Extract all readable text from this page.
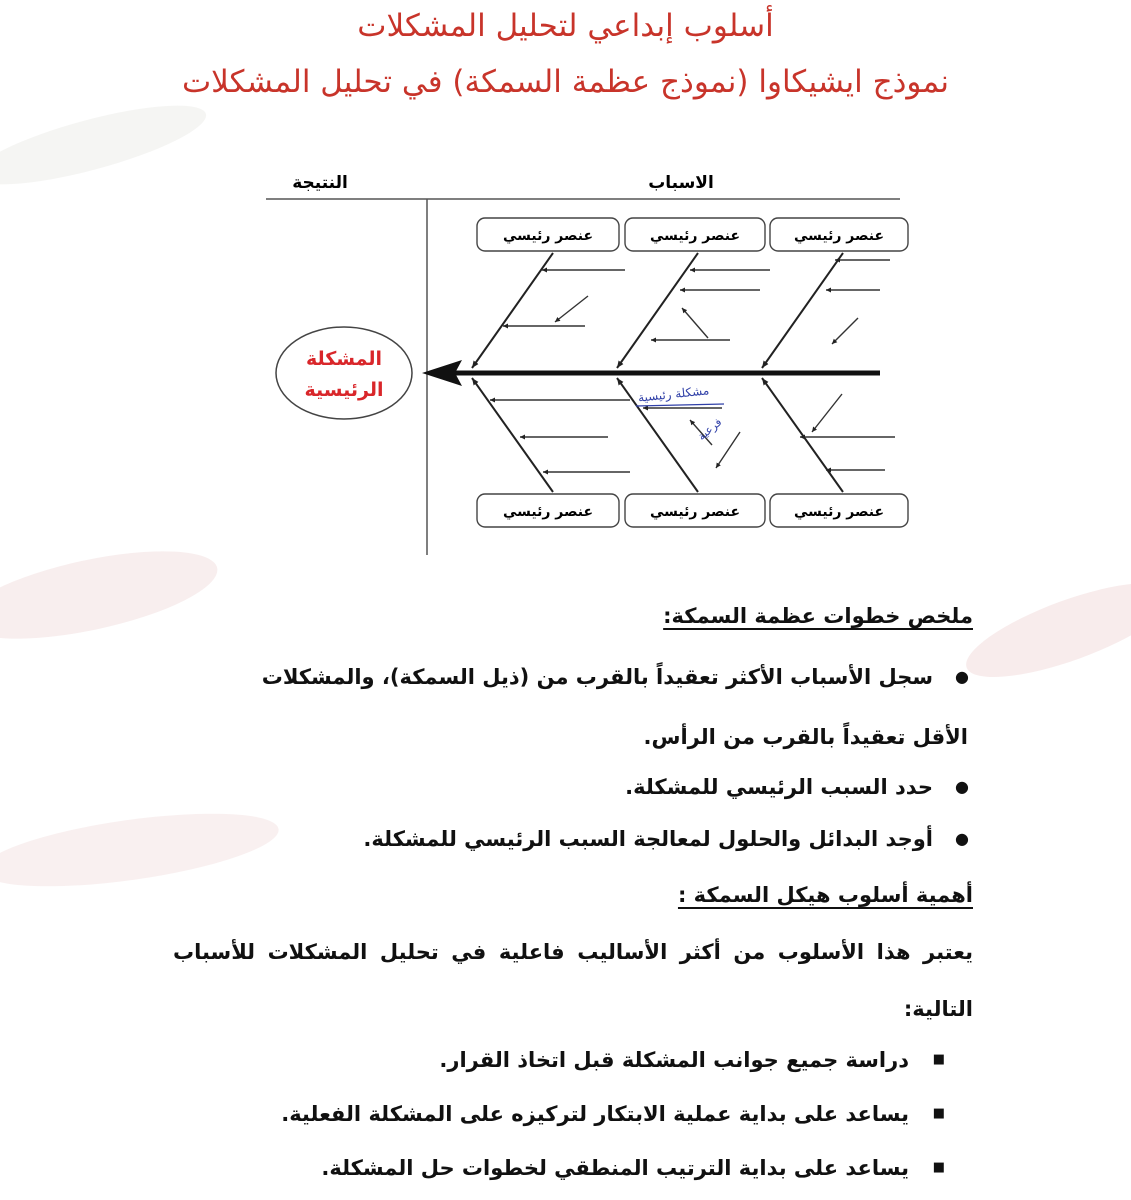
أسلوب إبداعي لتحليل المشكلات
نموذج ايشيكاوا (نموذج عظمة السمكة) في تحليل المشكلات
النتيجة	الاسباب
المشكلة
الرئيسية
عنصر رئيسي	عنصر رئيسي	عنصر رئيسي
عنصر رئيسي	عنصر رئيسي	عنصر رئيسي
مشكلة رئيسية
فرعية
ملخص خطوات عظمة السمكة:
●
سجل الأسباب الأكثر تعقيداً بالقرب من (ذيل السمكة)، والمشكلات
الأقل تعقيداً بالقرب من الرأس.
●
حدد السبب الرئيسي للمشكلة.
●
أوجد البدائل والحلول لمعالجة السبب الرئيسي للمشكلة.
أهمية أسلوب هيكل السمكة :
يعتبر هذا الأسلوب من أكثر الأساليب فاعلية في تحليل المشكلات للأسباب التالية:
■
دراسة جميع جوانب المشكلة قبل اتخاذ القرار.
■
يساعد على بداية عملية الابتكار لتركيزه على المشكلة الفعلية.
■
يساعد على بداية الترتيب المنطقي لخطوات حل المشكلة.
